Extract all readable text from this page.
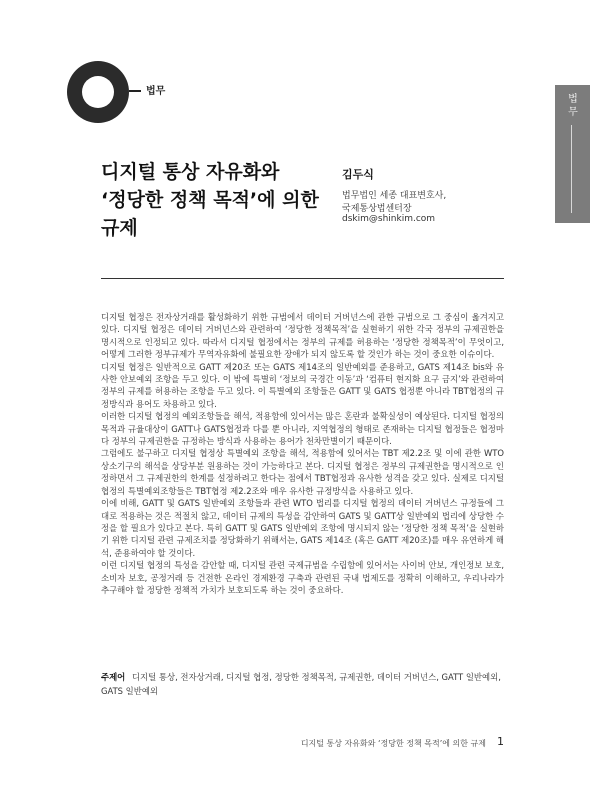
법무
법무
디지털 통상 자유화와
‘정당한 정책 목적’에 의한
규제
김두식
법무법인 세종 대표변호사,
국제통상법센터장
dskim@shinkim.com

디지털 협정은 전자상거래를 활성화하기 위한 규범에서 데이터 거버넌스에 관한 규범으로 그 중심이 옮겨지고 있다. 디지털 협정은 데이터 거버넌스와 관련하여 ‘정당한 정책목적’을 실현하기 위한 각국 정부의 규제권한을 명시적으로 인정되고 있다. 따라서 디지털 협정에서는 정부의 규제를 허용하는 ‘정당한 정책목적’이 무엇이고, 어떻게 그러한 정부규제가 무역자유화에 불필요한 장애가 되지 않도록 할 것인가 하는 것이 중요한 이슈이다.

디지털 협정은 일반적으로 GATT 제20조 또는 GATS 제14조의 일반예외를 준용하고, GATS 제14조 bis와 유사한 안보예외 조항을 두고 있다. 이 밖에 특별히 ‘정보의 국경간 이동’과 ‘컴퓨터 현지화 요구 금지’와 관련하여 정부의 규제를 허용하는 조항을 두고 있다. 이 특별예외 조항들은 GATT 및 GATS 협정뿐 아니라 TBT협정의 규정방식과 용어도 차용하고 있다.

이러한 디지털 협정의 예외조항들을 해석, 적용함에 있어서는 많은 혼란과 불확실성이 예상된다. 디지털 협정의 목적과 규율대상이 GATT나 GATS협정과 다를 뿐 아니라, 지역협정의 형태로 존재하는 디지털 협정들은 협정마다 정부의 규제권한을 규정하는 방식과 사용하는 용어가 천차만별이기 때문이다.

그럼에도 불구하고 디지털 협정상 특별예외 조항을 해석, 적용함에 있어서는 TBT 제2.2조 및 이에 관한 WTO 상소기구의 해석을 상당부분 원용하는 것이 가능하다고 본다. 디지털 협정은 정부의 규제권한을 명시적으로 인정하면서 그 규제권한의 한계를 설정하려고 한다는 점에서 TBT협정과 유사한 성격을 갖고 있다. 실제로 디지털 협정의 특별예외조항들은 TBT협정 제2.2조와 매우 유사한 규정방식을 사용하고 있다.

이에 비해, GATT 및 GATS 일반예외 조항들과 관련 WTO 법리를 디지털 협정의 데이터 거버넌스 규정들에 그대로 적용하는 것은 적절치 않고, 데이터 규제의 특성을 감안하여 GATS 및 GATT상 일반예외 법리에 상당한 수정을 할 필요가 있다고 본다. 특히 GATT 및 GATS 일반예외 조항에 명시되지 않는 ‘정당한 정책 목적’을 실현하기 위한 디지털 관련 규제조치를 정당화하기 위해서는, GATS 제14조 (혹은 GATT 제20조)를 매우 유연하게 해석, 준용하여야 할 것이다.

이런 디지털 협정의 특성을 감안할 때, 디지털 관련 국제규범을 수립함에 있어서는 사이버 안보, 개인정보 보호, 소비자 보호, 공정거래 등 건전한 온라인 경제환경 구축과 관련된 국내 법제도를 정확히 이해하고, 우리나라가 추구해야 할 정당한 정책적 가치가 보호되도록 하는 것이 중요하다.

주제어 디지털 통상, 전자상거래, 디지털 협정, 정당한 정책목적, 규제권한, 데이터 거버넌스, GATT 일반예외, GATS 일반예외
디지털 통상 자유화와 ‘정당한 정책 목적’에 의한 규제 1
